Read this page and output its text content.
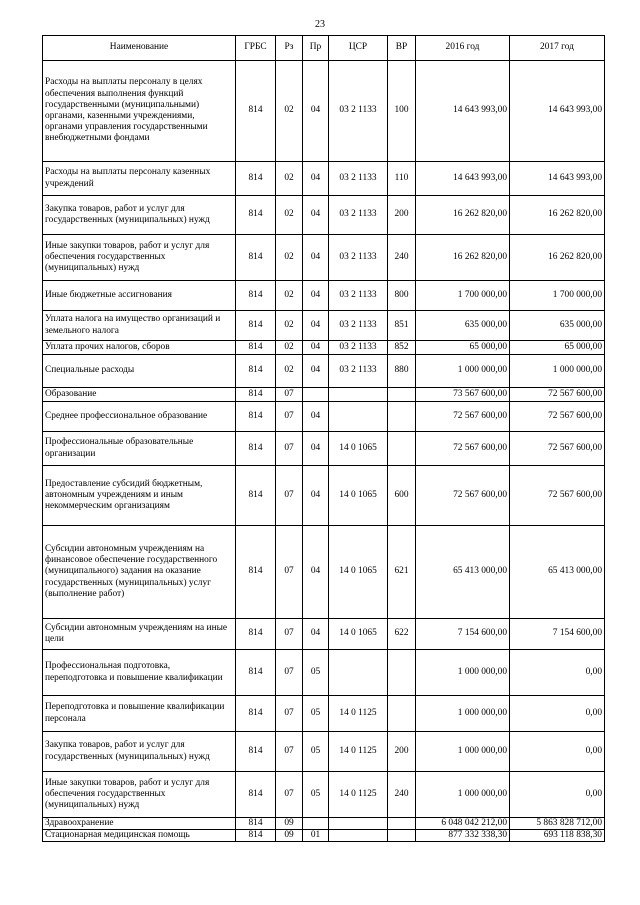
23
Наименование	ГРБС	Рз	Пр	ЦСР	ВР	2016 год	2017 год
Расходы на выплаты персоналу в целях обеспечения выполнения функций государственными (муниципальными) органами, казенными учреждениями, органами управления государственными внебюджетными фондами	814	02	04	03 2 1133	100	14 643 993,00	14 643 993,00
Расходы на выплаты персоналу казенных учреждений	814	02	04	03 2 1133	110	14 643 993,00	14 643 993,00
Закупка товаров, работ и услуг для государственных (муниципальных) нужд	814	02	04	03 2 1133	200	16 262 820,00	16 262 820,00
Иные закупки товаров, работ и услуг для обеспечения государственных (муниципальных) нужд	814	02	04	03 2 1133	240	16 262 820,00	16 262 820,00
Иные бюджетные ассигнования	814	02	04	03 2 1133	800	1 700 000,00	1 700 000,00
Уплата налога на имущество организаций и земельного налога	814	02	04	03 2 1133	851	635 000,00	635 000,00
Уплата прочих налогов, сборов	814	02	04	03 2 1133	852	65 000,00	65 000,00
Специальные расходы	814	02	04	03 2 1133	880	1 000 000,00	1 000 000,00
Образование	814	07				73 567 600,00	72 567 600,00
Среднее профессиональное образование	814	07	04			72 567 600,00	72 567 600,00
Профессиональные образовательные организации	814	07	04	14 0 1065		72 567 600,00	72 567 600,00
Предоставление субсидий бюджетным, автономным учреждениям и иным некоммерческим организациям	814	07	04	14 0 1065	600	72 567 600,00	72 567 600,00
Субсидии автономным учреждениям на финансовое обеспечение государственного (муниципального) задания на оказание государственных (муниципальных) услуг (выполнение работ)	814	07	04	14 0 1065	621	65 413 000,00	65 413 000,00
Субсидии автономным учреждениям на иные цели	814	07	04	14 0 1065	622	7 154 600,00	7 154 600,00
Профессиональная подготовка, переподготовка и повышение квалификации	814	07	05			1 000 000,00	0,00
Переподготовка и повышение квалификации персонала	814	07	05	14 0 1125		1 000 000,00	0,00
Закупка товаров, работ и услуг для государственных (муниципальных) нужд	814	07	05	14 0 1125	200	1 000 000,00	0,00
Иные закупки товаров, работ и услуг для обеспечения государственных (муниципальных) нужд	814	07	05	14 0 1125	240	1 000 000,00	0,00
Здравоохранение	814	09				6 048 042 212,00	5 863 828 712,00
Стационарная медицинская помощь	814	09	01			877 332 338,30	693 118 838,30
